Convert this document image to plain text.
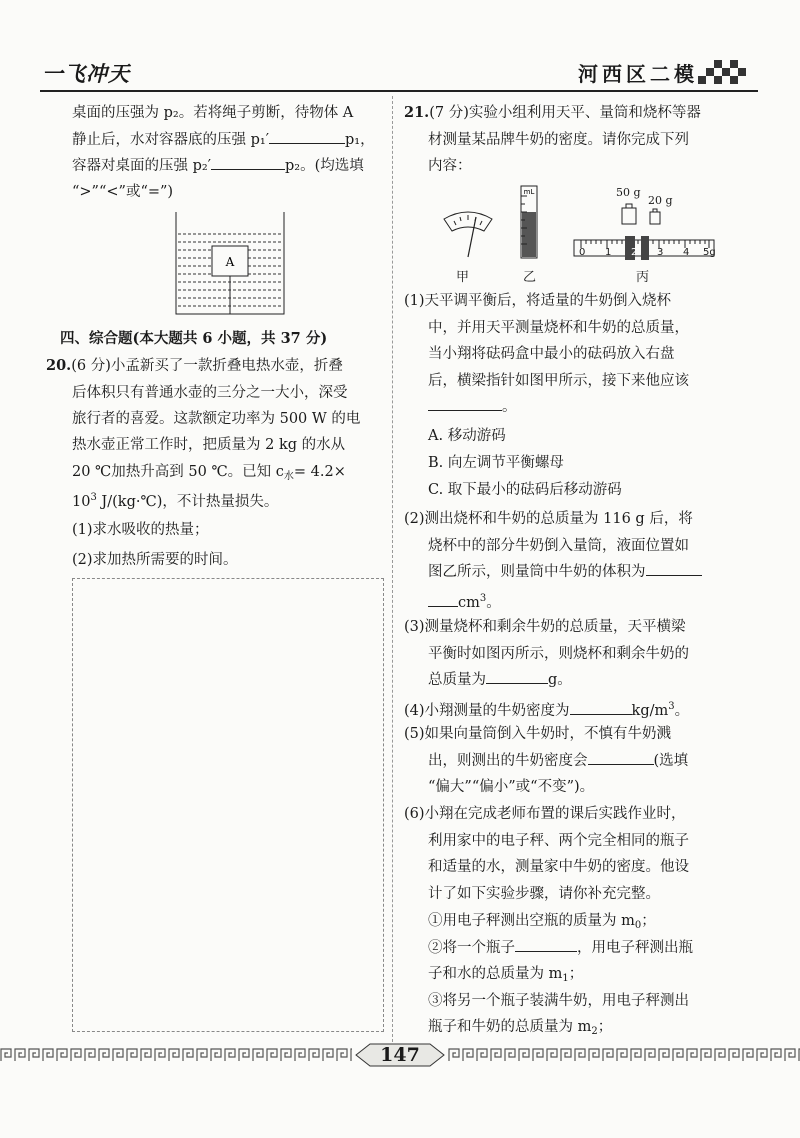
一飞冲天	河西区二模
桌面的压强为 p₂。若将绳子剪断，待物体 A
静止后，水对容器底的压强 p₁′	p₁，
容器对桌面的压强 p₂′	p₂。(均选填
“>”“<”或“=”)
A
四、综合题(本大题共 6 小题，共 37 分)
20.(6 分)小孟新买了一款折叠电热水壶，折叠
后体积只有普通水壶的三分之一大小，深受
旅行者的喜爱。这款额定功率为 500 W 的电
热水壶正常工作时，把质量为 2 kg 的水从
20 ℃加热升高到 50 ℃。已知 $c_水= 4.2\times$
$10^3$ J/(kg·℃)，不计热量损失。
(1)求水吸收的热量；
(2)求加热所需要的时间。
21.(7 分)实验小组利用天平、量筒和烧杯等器
材测量某品牌牛奶的密度。请你完成下列
内容：
甲
mL
乙
50 g
20 g
0 1 2 3 4 5g
丙
(1)天平调平衡后，将适量的牛奶倒入烧杯
中，并用天平测量烧杯和牛奶的总质量，
当小翔将砝码盒中最小的砝码放入右盘
后，横梁指针如图甲所示，接下来他应该
。
A. 移动游码
B. 向左调节平衡螺母
C. 取下最小的砝码后移动游码
(2)测出烧杯和牛奶的总质量为 116 g 后，将
烧杯中的部分牛奶倒入量筒，液面位置如
图乙所示，则量筒中牛奶的体积为
$cm^3$。
(3)测量烧杯和剩余牛奶的总质量，天平横梁
平衡时如图丙所示，则烧杯和剩余牛奶的
总质量为	g。
(4)小翔测量的牛奶密度为	$kg/m^3$。
(5)如果向量筒倒入牛奶时，不慎有牛奶溅
出，则测出的牛奶密度会	(选填
“偏大”“偏小”或“不变”)。
(6)小翔在完成老师布置的课后实践作业时，
利用家中的电子秤、两个完全相同的瓶子
和适量的水，测量家中牛奶的密度。他设
计了如下实验步骤，请你补充完整。
①用电子秤测出空瓶的质量为 $m_0$；
②将一个瓶子	，用电子秤测出瓶
子和水的总质量为 $m_1$；
③将另一个瓶子装满牛奶，用电子秤测出
瓶子和牛奶的总质量为 $m_2$；
147
